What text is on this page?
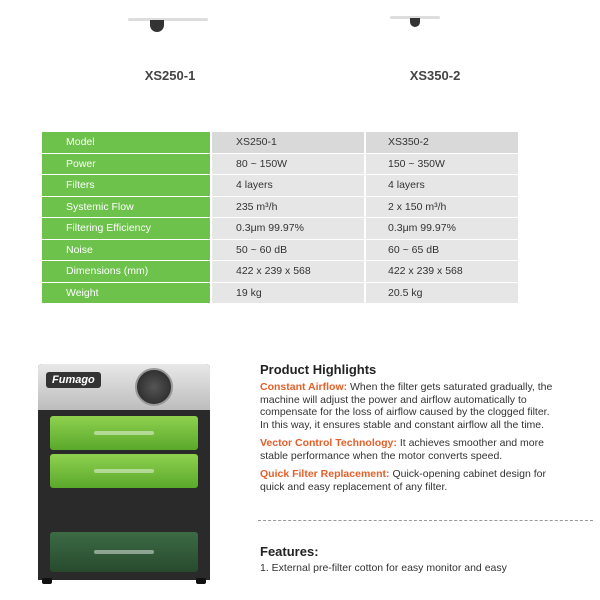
XS250-1	XS350-2
Model	XS250-1	XS350-2
Power	80 ~ 150W	150 ~ 350W
Filters	4 layers	4 layers
Systemic Flow	235 m³/h	2 x 150 m³/h
Filtering Efficiency	0.3μm 99.97%	0.3μm 99.97%
Noise	50 ~ 60 dB	60 ~ 65 dB
Dimensions (mm)	422 x 239 x 568	422 x 239 x 568
Weight	19 kg	20.5 kg
Fumago
Product Highlights

Constant Airflow: When the filter gets saturated gradually, the machine will adjust the power and airflow automatically to compensate for the loss of airflow caused by the clogged filter. In this way, it ensures stable and constant airflow all the time.

Vector Control Technology: It achieves smoother and more stable performance when the motor converts speed.

Quick Filter Replacement: Quick-opening cabinet design for quick and easy replacement of any filter.

Features:
1. External pre-filter cotton for easy monitor and easy
